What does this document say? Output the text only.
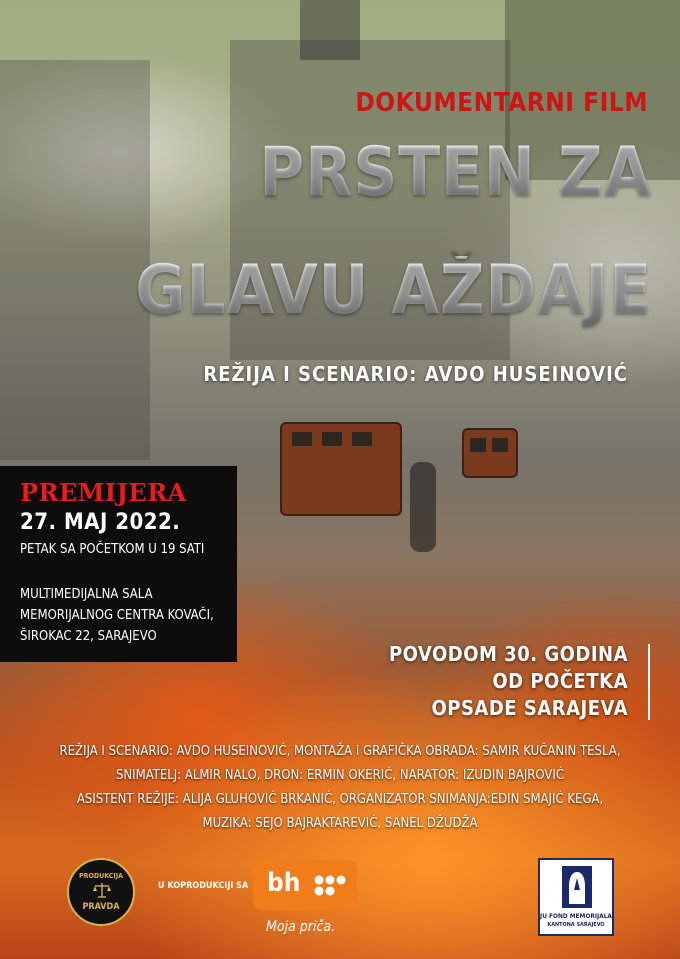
DOKUMENTARNI FILM
PRSTEN ZA
GLAVU AŽDAJE
REŽIJA I SCENARIO: AVDO HUSEINOVIĆ
PREMIJERA
27. MAJ 2022.
PETAK SA POČETKOM U 19 SATI
MULTIMEDIJALNA SALA
MEMORIJALNOG CENTRA KOVAČI,
ŠIROKAC 22, SARAJEVO
POVODOM 30. GODINA
OD POČETKA
OPSADE SARAJEVA
REŽIJA I SCENARIO: AVDO HUSEINOVIĆ, MONTAŽA I GRAFIČKA OBRADA: SAMIR KUČANIN TESLA,
SNIMATELJ: ALMIR NALO, DRON: ERMIN OKERIĆ, NARATOR: IZUDIN BAJROVIĆ
ASISTENT REŽIJE: ALIJA GLUHOVIĆ BRKANIĆ, ORGANIZATOR SNIMANJA:EDIN SMAJIĆ KEGA,
MUZIKA: SEJO BAJRAKTAREVIĆ, SANEL DŽUDŽA
PRODUKCIJA
PRAVDA
U KOPRODUKCIJI SA bh
Moja priča.
JU FOND MEMORIJALA
KANTONA SARAJEVO
